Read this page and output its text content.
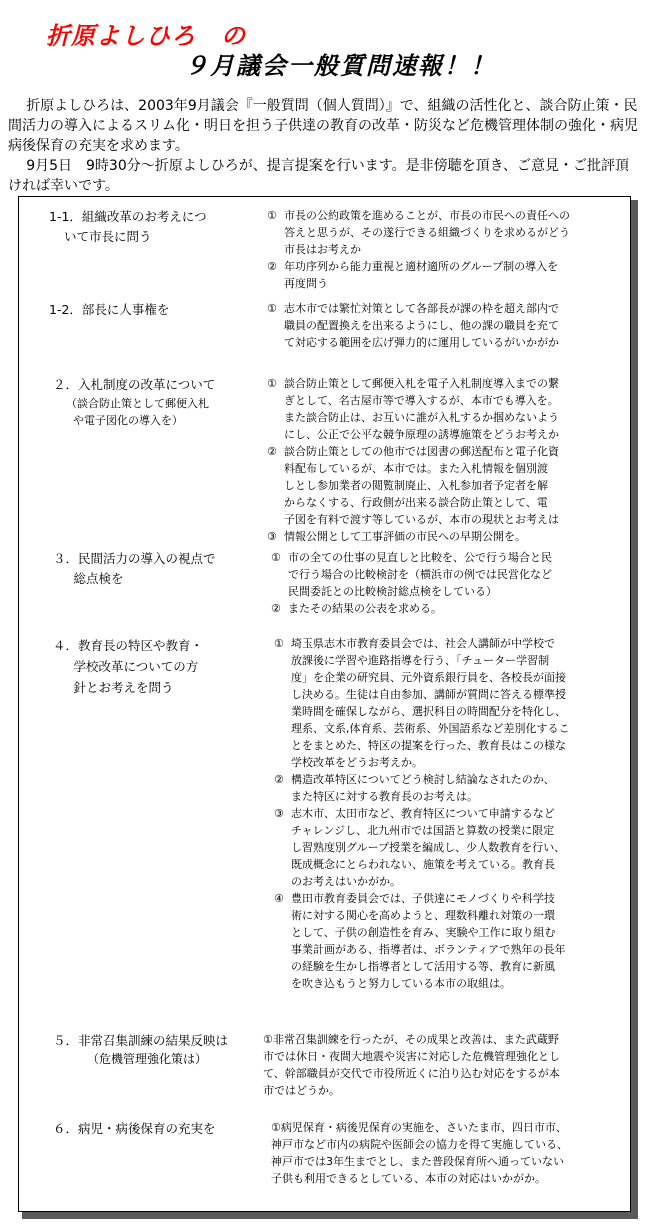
折原よしひろ　の
９月議会一般質問速報！！

折原よしひろは、2003年9月議会『一般質問（個人質問）』で、組織の活性化と、談合防止策・民間活力の導入によるスリム化・明日を担う子供達の教育の改革・防災など危機管理体制の強化・病児病後保育の充実を求めます。

9月5日　9時30分～折原よしひろが、提言提案を行います。是非傍聴を頂き、ご意見・ご批評頂ければ幸いです。

1-1．組織改革のお考えにつ
いて市長に問う
① 市長の公約政策を進めることが、市長の市民への責任への
答えと思うが、その遂行できる組織づくりを求めるがどう
市長はお考えか
② 年功序列から能力重視と適材適所のグループ制の導入を
再度問う
1-2．部長に人事権を	① 志木市では繁忙対策として各部長が課の枠を超え部内で
職員の配置換えを出来るようにし、他の課の職員を充て
て対応する範囲を広げ弾力的に運用しているがいかがか
２．入札制度の改革について
（談合防止策として郵便入札
や電子図化の導入を）
① 談合防止策として郵便入札を電子入札制度導入までの繋
ぎとして、名古屋市等で導入するが、本市でも導入を。
また談合防止は、お互いに誰が入札するか掴めないよう
にし、公正で公平な競争原理の誘導施策をどうお考えか
② 談合防止策としての他市では図書の郵送配布と電子化資
料配布しているが、本市では。また入札情報を個別渡
しとし参加業者の閲覧制廃止、入札参加者予定者を解
からなくする、行政側が出来る談合防止策として、電
子図を有料で渡す等しているが、本市の現状とお考えは
③ 情報公開として工事評価の市民への早期公開を。
３．民間活力の導入の視点で
　総点検を
① 市の全ての仕事の見直しと比較を、公で行う場合と民
で行う場合の比較検討を（横浜市の例では民営化など
民間委託との比較検討総点検をしている）
② またその結果の公表を求める。
４．教育長の特区や教育・
　学校改革についての方
　針とお考えを問う
① 埼玉県志木市教育委員会では、社会人講師が中学校で
放課後に学習や進路指導を行う、「チューター学習制
度」を企業の研究員、元外資系銀行員を、各校長が面接
し決める。生徒は自由参加、講師が質問に答える標準授
業時間を確保しながら、選択科目の時間配分を特化し、
理系、文系,体育系、芸術系、外国語系など差別化するこ
とをまとめた、特区の提案を行った、教育長はこの様な
学校改革をどうお考えか。
② 構造改革特区についてどう検討し結論なされたのか、
また特区に対する教育長のお考えは。
③ 志木市、太田市など、教育特区について申請するなど
チャレンジし、北九州市では国語と算数の授業に限定
し習熟度別グループ授業を編成し、少人数教育を行い、
既成概念にとらわれない、施策を考えている。教育長
のお考えはいかがか。
④ 豊田市教育委員会では、子供達にモノづくりや科学技
術に対する関心を高めようと、理数科離れ対策の一環
として、子供の創造性を育み、実験や工作に取り組む
事業計画がある、指導者は、ボランティアで熟年の長年
の経験を生かし指導者として活用する等、教育に新風
を吹き込もうと努力している本市の取組は。
５．非常召集訓練の結果反映は
（危機管理強化策は）
①非常召集訓練を行ったが、その成果と改善は、また武蔵野
市では休日・夜間大地震や災害に対応した危機管理強化とし
て、幹部職員が交代で市役所近くに泊り込む対応をするが本
市ではどうか。
６．病児・病後保育の充実を	①病児保育・病後児保育の実施を、さいたま市、四日市市、
神戸市など市内の病院や医師会の協力を得て実施している、
神戸市では3年生までとし、また普段保育所へ通っていない
子供も利用できるとしている、本市の対応はいかがか。
